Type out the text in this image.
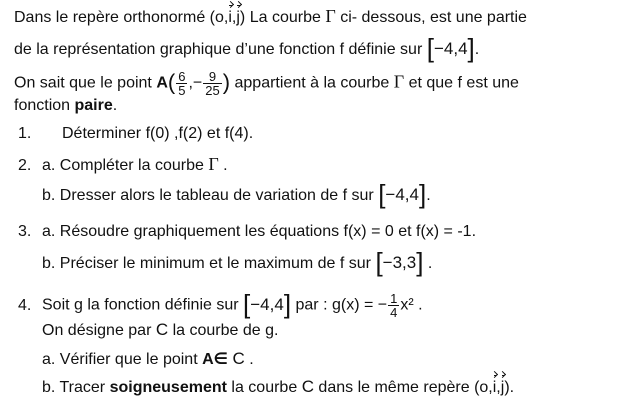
Dans le repère orthonormé (o,i,j) La courbe Γ ci- dessous, est une partie
de la représentation graphique d’une fonction f définie sur [−4,4].
On sait que le point $A( \frac{6}{5}$ ,− $\frac{9}{25}$ ) appartient à la courbe Γ et que f est une
fonction paire.
1. Déterminer f(0) ,f(2) et f(4).
2. a. Compléter la courbe Γ .
b. Dresser alors le tableau de variation de f sur [−4,4].
3. a. Résoudre graphiquement les équations f(x) = 0 et f(x) = -1.
b. Préciser le minimum et le maximum de f sur [−3,3] .
4. Soit g la fonction définie sur [−4,4] par : g(x) = − $\frac{1}{4} x^2$ .
On désigne par C la courbe de g.
a. Vérifier que le point A∈ C .
b. Tracer soigneusement la courbe C dans le même repère (o,i,j).
